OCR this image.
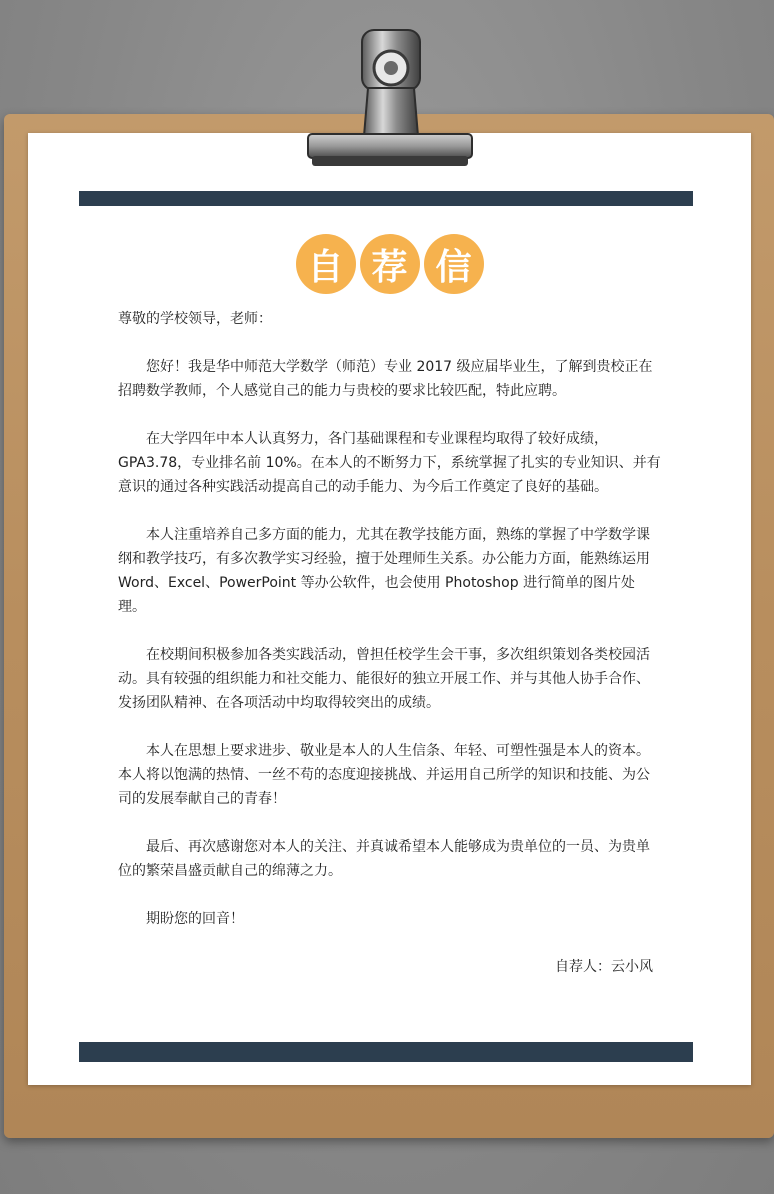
自 荐 信

尊敬的学校领导，老师：

您好！我是华中师范大学数学（师范）专业 2017 级应届毕业生，了解到贵校正在招聘数学教师，个人感觉自己的能力与贵校的要求比较匹配，特此应聘。

在大学四年中本人认真努力，各门基础课程和专业课程均取得了较好成绩，GPA3.78，专业排名前 10%。在本人的不断努力下，系统掌握了扎实的专业知识、并有意识的通过各种实践活动提高自己的动手能力、为今后工作奠定了良好的基础。

本人注重培养自己多方面的能力，尤其在教学技能方面，熟练的掌握了中学数学课纲和教学技巧，有多次教学实习经验，擅于处理师生关系。办公能力方面，能熟练运用 Word、Excel、PowerPoint 等办公软件，也会使用 Photoshop 进行简单的图片处理。

在校期间积极参加各类实践活动，曾担任校学生会干事，多次组织策划各类校园活动。具有较强的组织能力和社交能力、能很好的独立开展工作、并与其他人协手合作、发扬团队精神、在各项活动中均取得较突出的成绩。

本人在思想上要求进步、敬业是本人的人生信条、年轻、可塑性强是本人的资本。本人将以饱满的热情、一丝不苟的态度迎接挑战、并运用自己所学的知识和技能、为公司的发展奉献自己的青春！

最后、再次感谢您对本人的关注、并真诚希望本人能够成为贵单位的一员、为贵单位的繁荣昌盛贡献自己的绵薄之力。

期盼您的回音！

自荐人：云小风
